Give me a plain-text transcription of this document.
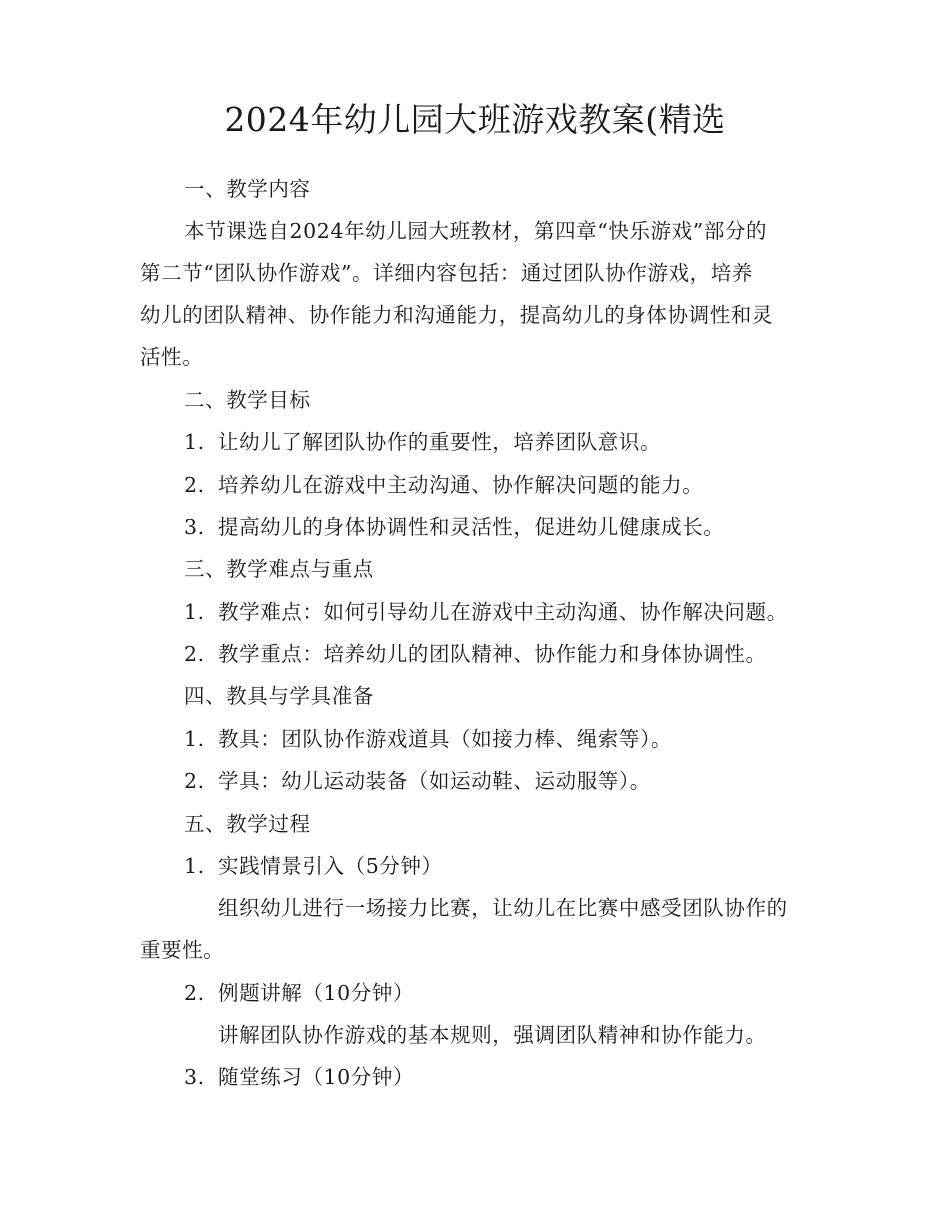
2024年幼儿园大班游戏教案(精选
一、教学内容
本节课选自2024年幼儿园大班教材，第四章“快乐游戏”部分的
第二节“团队协作游戏”。详细内容包括：通过团队协作游戏，培养
幼儿的团队精神、协作能力和沟通能力，提高幼儿的身体协调性和灵
活性。
二、教学目标
1. 让幼儿了解团队协作的重要性，培养团队意识。
2. 培养幼儿在游戏中主动沟通、协作解决问题的能力。
3. 提高幼儿的身体协调性和灵活性，促进幼儿健康成长。
三、教学难点与重点
1. 教学难点：如何引导幼儿在游戏中主动沟通、协作解决问题。
2. 教学重点：培养幼儿的团队精神、协作能力和身体协调性。
四、教具与学具准备
1. 教具：团队协作游戏道具（如接力棒、绳索等）。
2. 学具：幼儿运动装备（如运动鞋、运动服等）。
五、教学过程
1. 实践情景引入（5分钟）
组织幼儿进行一场接力比赛，让幼儿在比赛中感受团队协作的
重要性。
2. 例题讲解（10分钟）
讲解团队协作游戏的基本规则，强调团队精神和协作能力。
3. 随堂练习（10分钟）
